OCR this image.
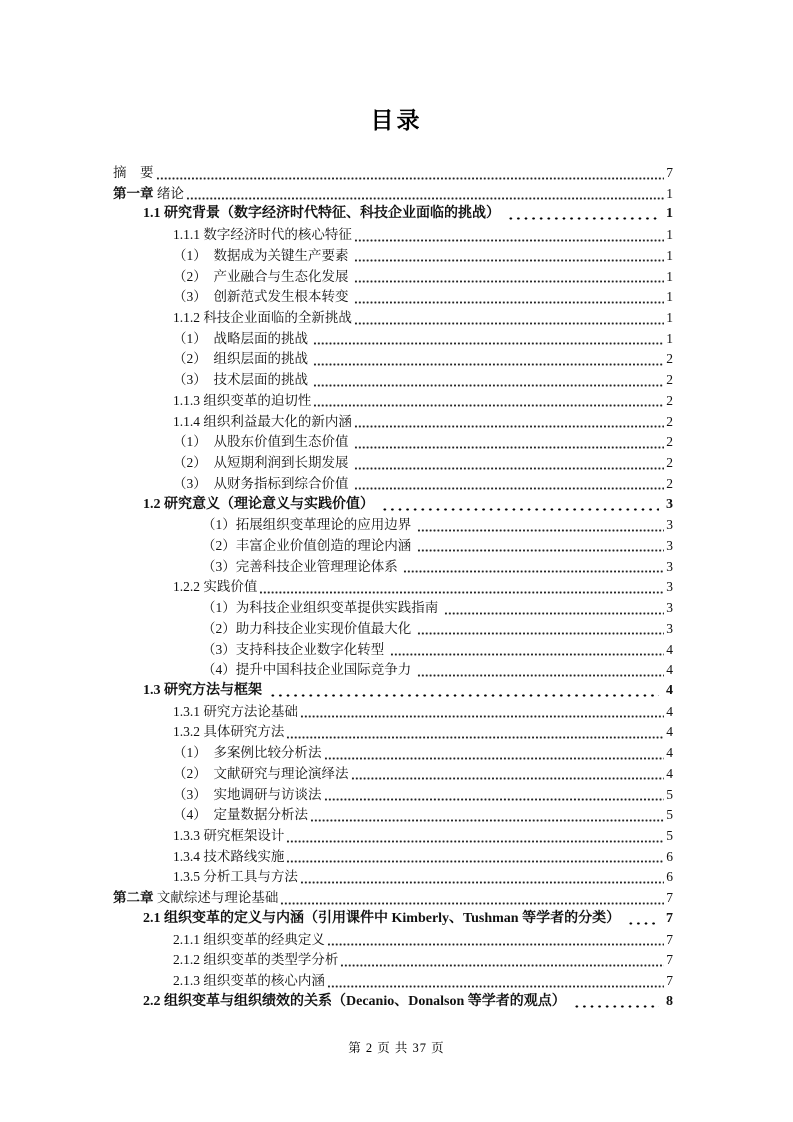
目录
摘　要	7
第一章 绪论	1
1.1 研究背景（数字经济时代特征、科技企业面临的挑战）	1
1.1.1 数字经济时代的核心特征	1
（1）　数据成为关键生产要素	1
（2）　产业融合与生态化发展	1
（3）　创新范式发生根本转变	1
1.1.2 科技企业面临的全新挑战	1
（1）　战略层面的挑战	1
（2）　组织层面的挑战	2
（3）　技术层面的挑战	2
1.1.3 组织变革的迫切性	2
1.1.4 组织利益最大化的新内涵	2
（1）　从股东价值到生态价值	2
（2）　从短期利润到长期发展	2
（3）　从财务指标到综合价值	2
1.2 研究意义（理论意义与实践价值）	3
（1）拓展组织变革理论的应用边界	3
（2）丰富企业价值创造的理论内涵	3
（3）完善科技企业管理理论体系	3
1.2.2 实践价值	3
（1）为科技企业组织变革提供实践指南	3
（2）助力科技企业实现价值最大化	3
（3）支持科技企业数字化转型	4
（4）提升中国科技企业国际竞争力	4
1.3 研究方法与框架	4
1.3.1 研究方法论基础	4
1.3.2 具体研究方法	4
（1）　多案例比较分析法	4
（2）　文献研究与理论演绎法	4
（3）　实地调研与访谈法	5
（4）　定量数据分析法	5
1.3.3 研究框架设计	5
1.3.4 技术路线实施	6
1.3.5 分析工具与方法	6
第二章 文献综述与理论基础	7
2.1 组织变革的定义与内涵（引用课件中 Kimberly、Tushman 等学者的分类）	7
2.1.1 组织变革的经典定义	7
2.1.2 组织变革的类型学分析	7
2.1.3 组织变革的核心内涵	7
2.2 组织变革与组织绩效的关系（Decanio、Donalson 等学者的观点）	8
第 2 页 共 37 页
